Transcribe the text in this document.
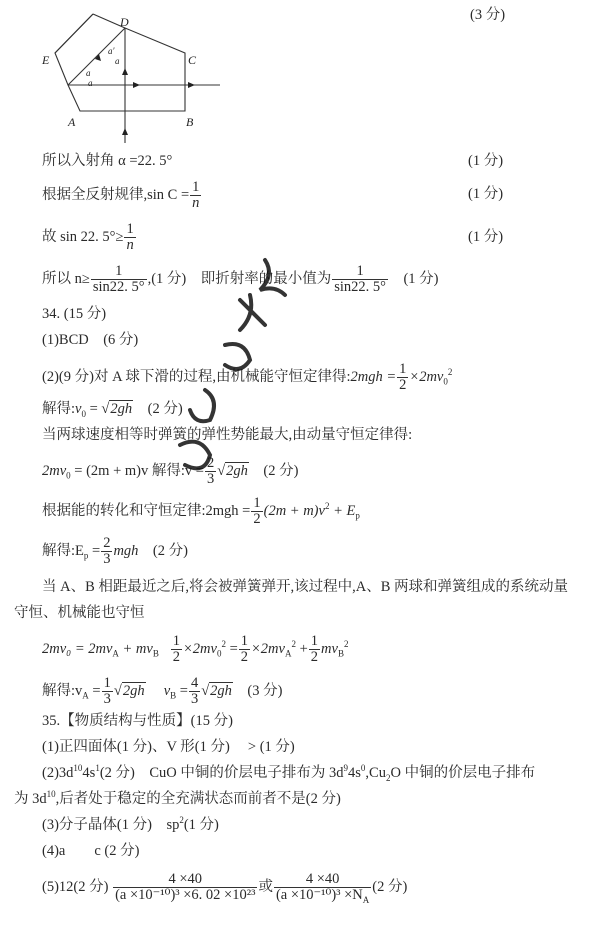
D
E	C
A	B
a′
a
a
a
(3 分)
所以入射角 α =22. 5°	(1 分)
根据全反射规律,sin $C = \frac{1}{n}$	(1 分)
故 sin 22. $5^\circ\ge \frac{1}{n}$	(1 分)
所以 $n\ge \frac{1}{\sin 22. 5^\circ} ,(1$ 分)　即折射率的最小值为 $\frac{1}{\sin 22. 5^\circ}$ 　(1 分)
34. (15 分)
(1)BCD　(6 分)
(2)(9 分)对 A 球下滑的过程,由机械能守恒定律得:2mgh = $\frac{1}{2} \times 2mv_0^2$
解得$:v_0 = √2gh$　(2 分)
当两球速度相等时弹簧的弹性势能最大,由动量守恒定律得:
$2mv_0 = (2m + m)v$ 解得:v = $\frac{2}{3} √2gh$　(2 分)
根据能的转化和守恒定律:2mgh = $\frac{1}{2} (2m + m)v^2 + E_p$
解得$:E_p = \frac{2}{3}$ mgh　(2 分)
当 A、B 相距最近之后,将会被弹簧弹开,该过程中,A、B 两球和弹簧组成的系统动量
守恒、机械能也守恒
$2mv_0 = 2mv_A + mv_B \frac{1}{2} \times 2mv_0^2 = \frac{1}{2} \times 2mv_A^2 + \frac{1}{2} mv_B^2$
解得$:v_A = \frac{1}{3} √2gh$ $v_B = \frac{4}{3} √2gh$　(3 分)
35.【物质结构与性质】(15 分)
(1)正四面体(1 分)、V 形(1 分)　 > (1 分)
$(2)3d^{10}4s^1(2$ 分)　CuO 中铜的价层电子排布为 $3d^94s^0,Cu_2O$ 中铜的价层电子排布
为 $3d^{10}$,后者处于稳定的全充满状态而前者不是(2 分)
(3)分子晶体(1 分)　$sp^2(1$ 分)
(4)a　　c (2 分)
(5)12(2 分) $\frac{4 \times 40}{\text{(a ×10⁻¹⁰)³ ×6. 02 ×10²³}}$ 或 $\frac{4 \times 40}{(a \times 10^{-10})^3 \times N_A} (2$ 分)
